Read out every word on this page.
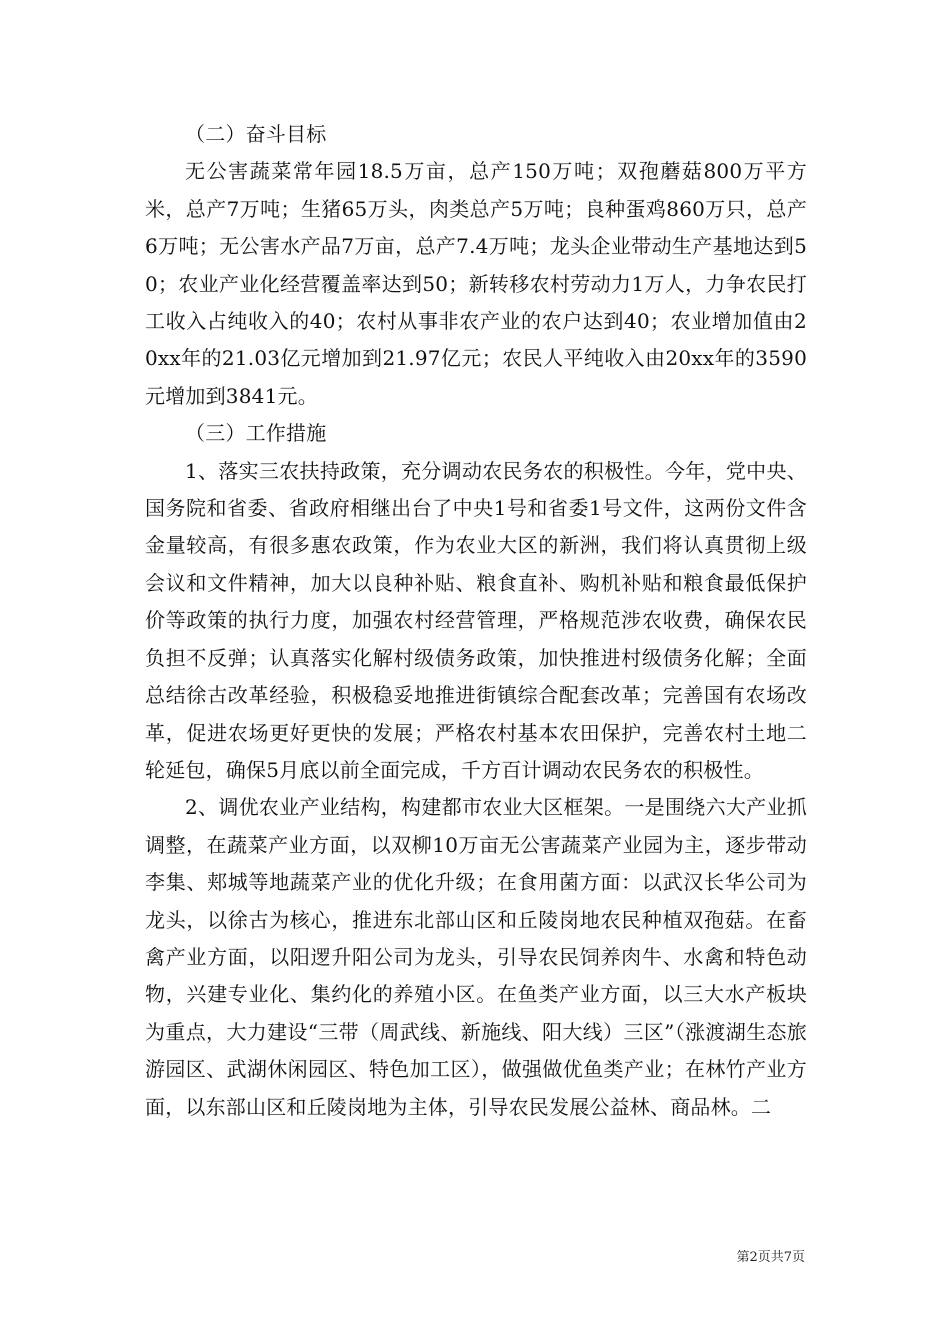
（二）奋斗目标

无公害蔬菜常年园18.5万亩，总产150万吨；双孢蘑菇800万平方米，总产7万吨；生猪65万头，肉类总产5万吨；良种蛋鸡860万只，总产6万吨；无公害水产品7万亩，总产7.4万吨；龙头企业带动生产基地达到50；农业产业化经营覆盖率达到50；新转移农村劳动力1万人，力争农民打工收入占纯收入的40；农村从事非农产业的农户达到40；农业增加值由20xx年的21.03亿元增加到21.97亿元；农民人平纯收入由20xx年的3590元增加到3841元。

（三）工作措施

1、落实三农扶持政策，充分调动农民务农的积极性。今年，党中央、国务院和省委、省政府相继出台了中央1号和省委1号文件，这两份文件含金量较高，有很多惠农政策，作为农业大区的新洲，我们将认真贯彻上级会议和文件精神，加大以良种补贴、粮食直补、购机补贴和粮食最低保护价等政策的执行力度，加强农村经营管理，严格规范涉农收费，确保农民负担不反弹；认真落实化解村级债务政策，加快推进村级债务化解；全面总结徐古改革经验，积极稳妥地推进街镇综合配套改革；完善国有农场改革，促进农场更好更快的发展；严格农村基本农田保护，完善农村土地二轮延包，确保5月底以前全面完成，千方百计调动农民务农的积极性。

2、调优农业产业结构，构建都市农业大区框架。一是围绕六大产业抓调整，在蔬菜产业方面，以双柳10万亩无公害蔬菜产业园为主，逐步带动李集、郏城等地蔬菜产业的优化升级；在食用菌方面：以武汉长华公司为龙头，以徐古为核心，推进东北部山区和丘陵岗地农民种植双孢菇。在畜禽产业方面，以阳逻升阳公司为龙头，引导农民饲养肉牛、水禽和特色动物，兴建专业化、集约化的养殖小区。在鱼类产业方面，以三大水产板块为重点，大力建设“三带（周武线、新施线、阳大线）三区”（涨渡湖生态旅游园区、武湖休闲园区、特色加工区），做强做优鱼类产业；在林竹产业方面，以东部山区和丘陵岗地为主体，引导农民发展公益林、商品林。二

第2页共7页
